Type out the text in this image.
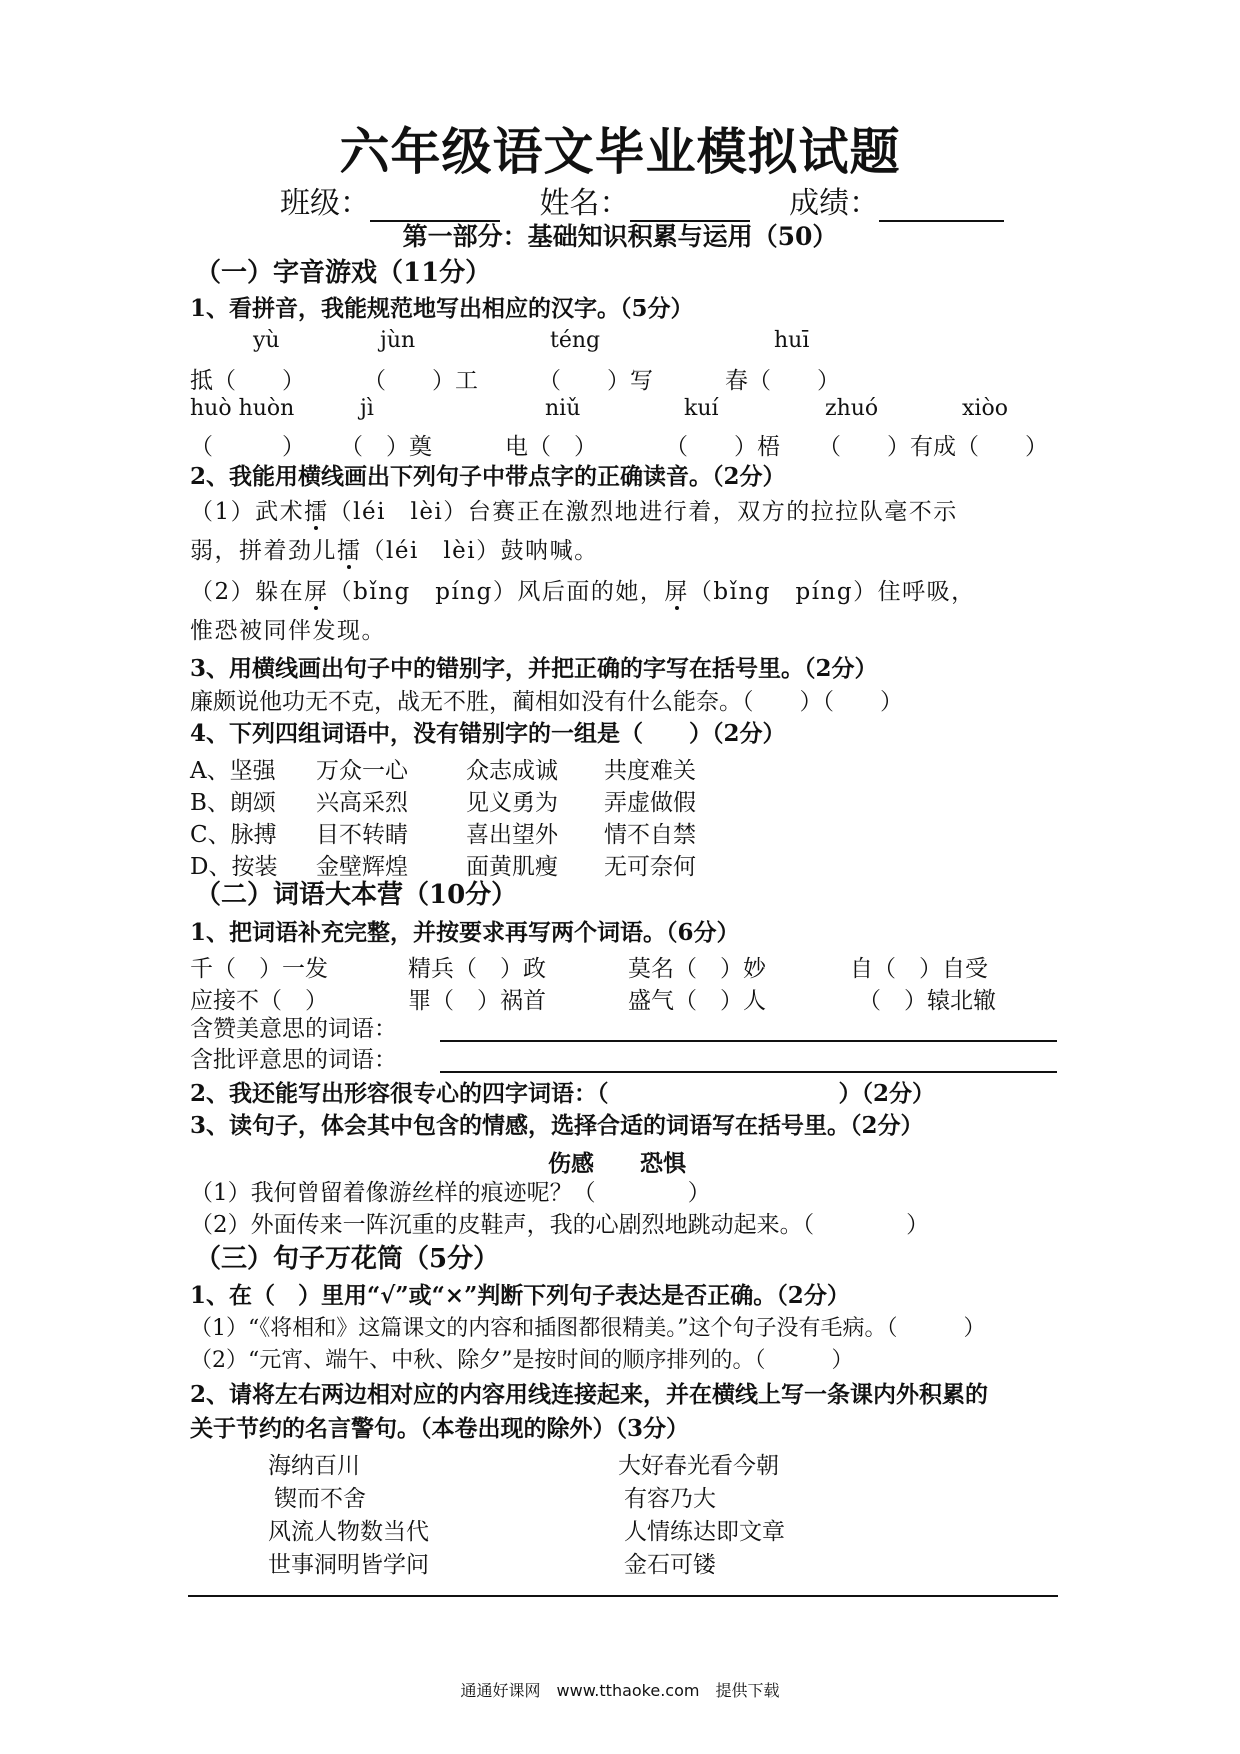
六年级语文毕业模拟试题
班级：	姓名：	成绩：
第一部分：基础知识积累与运用（50）
（一）字音游戏（11分）
1、看拼音，我能规范地写出相应的汉字。（5分）
yù	jùn	téng	huī
抵（　　）	（　　）工	（　　）写	春（　　）
huò huòn	jì	niǔ	kuí	zhuó	xiòo
（　　　） （　）奠	电（　）	（　　）梧 （　　）有成（　　）
2、我能用横线画出下列句子中带点字的正确读音。（2分）
（1）武术擂（léi　lèi）台赛正在激烈地进行着，双方的拉拉队毫不示
弱，拼着劲儿擂（léi　lèi）鼓呐喊。
（2）躲在屏（bǐng　píng）风后面的她，屏（bǐng　píng）住呼吸，
惟恐被同伴发现。
3、用横线画出句子中的错别字，并把正确的字写在括号里。（2分）
廉颇说他功无不克，战无不胜，蔺相如没有什么能奈。（　　）（　　）
4、下列四组词语中，没有错别字的一组是（　　）（2分）
A、坚强 万众一心	众志成诚 共度难关
B、朗颂 兴高采烈	见义勇为 弄虚做假
C、脉搏 目不转睛	喜出望外 情不自禁
D、按装 金壁辉煌	面黄肌瘦 无可奈何
（二）词语大本营（10分）
1、把词语补充完整，并按要求再写两个词语。（6分）
千（　）一发	精兵（　）政	莫名（　）妙	自（　）自受
应接不（　）	罪（　）祸首	盛气（　）人	（　）辕北辙
含赞美意思的词语：
含批评意思的词语：
2、我还能写出形容很专心的四字词语：（　　　　　　　　　　）（2分）
3、读句子，体会其中包含的情感，选择合适的词语写在括号里。（2分）
伤感　　恐惧
（1）我何曾留着像游丝样的痕迹呢？（　　　　）
（2）外面传来一阵沉重的皮鞋声，我的心剧烈地跳动起来。（　　　　）
（三）句子万花筒（5分）
1、在（　）里用“√”或“×”判断下列句子表达是否正确。（2分）
（1）“《将相和》这篇课文的内容和插图都很精美。”这个句子没有毛病。（　　　）
（2）“元宵、端午、中秋、除夕”是按时间的顺序排列的。（　　　）
2、请将左右两边相对应的内容用线连接起来，并在横线上写一条课内外积累的
关于节约的名言警句。（本卷出现的除外）（3分）
海纳百川
锲而不舍
风流人物数当代
世事洞明皆学问
大好春光看今朝
有容乃大
人情练达即文章
金石可镂
通通好课网　www.tthaoke.com　提供下载
